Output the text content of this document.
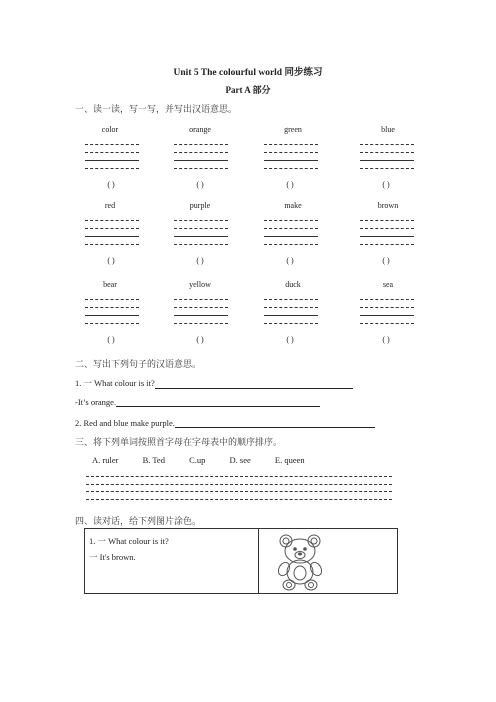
Unit 5 The colourful world 同步练习
Part A 部分
一、读一读，写一写，并写出汉语意思。
color
( )
orange
( )
green
( )
blue
( )
red
( )
purple
( )
make
( )
brown
( )
bear
( )
yellow
( )
duck
( )
sea
( )
二、写出下列句子的汉语意思。
1. 一 What colour is it?
-It’s orange.
2. Red and blue make purple.
三、将下列单词按照首字母在字母表中的顺序排序。
A. ruler	B. Ted	C.up	D. see	E. queen
四、读对话，给下列图片涂色。
1. 一 What colour is it?
一 It's brown.
